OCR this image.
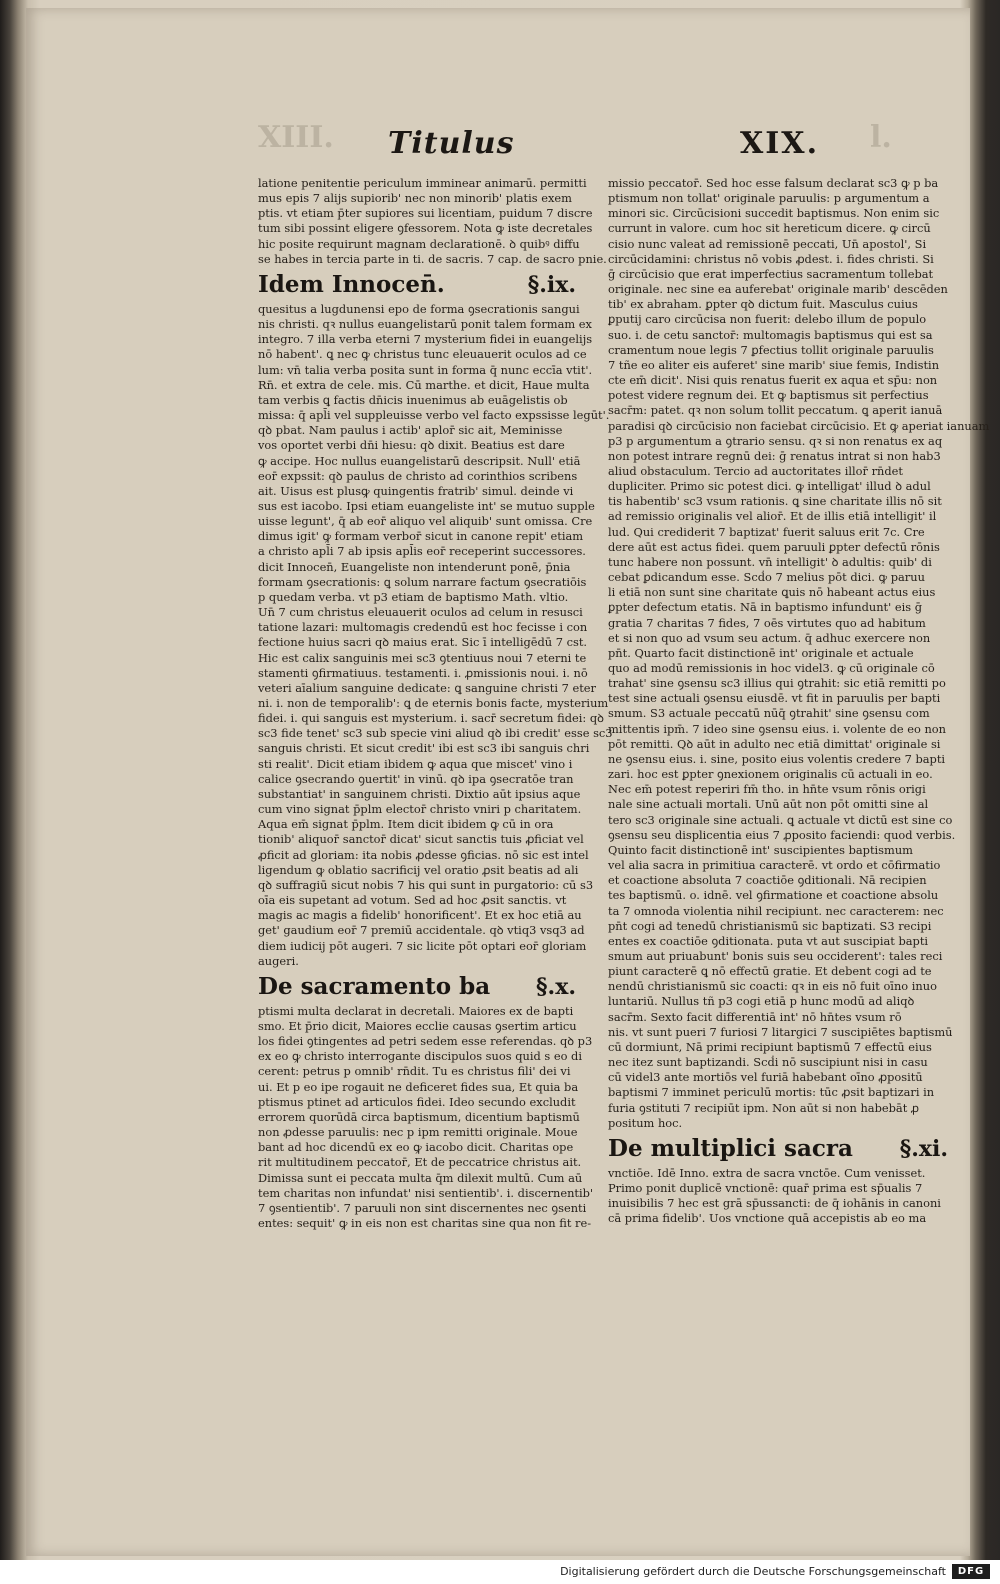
XIII.	l.
Titulus	XIX.
latione penitentie periculum imminear animarū. permitti
mus epis 7 alijs supiorib' nec non minorib' platis exem
ptis. vt etiam p̄ter supiores sui licentiam, puidum 7 discre
tum sibi possint eligere ꝯfessorem. Nota ꝙ iste decretales
hic posite requirunt magnam declarationē. ꝺ quibꝰ diffu
se habes in tercia parte in ti. de sacris. 7 cap. de sacro pnie.
Idem Innocen̄.	§.ix.
quesitus a lugdunensi epo de forma ꝯsecrationis sangui
nis christi. qꝛ nullus euangelistarū ponit talem formam ex
integro. 7 illa verba eterni 7 mysterium fidei in euangelijs
nō habent'. ꝗ nec ꝙ christus tunc eleuauerit oculos ad ce
lum: vn̄ talia verba posita sunt in forma q̄ nunc eccīa vtit'.
Rn̄. et extra de cele. mis. Cū marthe. et dicit, Haue multa
tam verbis ꝗ factis dn̄icis inuenimus ab euāgelistis ob
missa: q̄ apl̄i vel suppleuisse verbo vel facto expssisse legūt'.
qꝺ pbat. Nam paulus i actib' aplor̄ sic ait, Meminisse
vos oportet verbi dn̄i hiesu: qꝺ dixit. Beatius est dare
ꝙ accipe. Hoc nullus euangelistarū descripsit. Null' etiā
eor̄ expssit: qꝺ paulus de christo ad corinthios scribens
ait. Uisus est plusꝙ quingentis fratrib' simul. deinde vi
sus est iacobo. Ipsi etiam euangeliste int' se mutuo supple
uisse legunt', q̄ ab eor̄ aliquo vel aliquib' sunt omissa. Cre
dimus igit' ꝙ formam verbor̄ sicut in canone repit' etiam
a christo apl̄i 7 ab ipsis apl̄is eor̄ receperint successores.
dicit Innocen̄, Euangeliste non intenderunt ponē, p̄nia
formam ꝯsecrationis: ꝗ solum narrare factum ꝯsecratiōis
p quedam verba. vt p3 etiam de baptismo Math. vltio.
Un̄ 7 cum christus eleuauerit oculos ad celum in resusci
tatione lazari: multomagis credendū est hoc fecisse i con
fectione huius sacri qꝺ maius erat. Sic ī intelligēdū 7 cst.
Hic est calix sanguinis mei sc3 ꝯtentiuus noui 7 eterni te
stamenti ꝯfirmatiuus. testamenti. i. ꝓmissionis noui. i. nō
veteri aīalium sanguine dedicate: ꝗ sanguine christi 7 eter
ni. i. non de temporalib': ꝗ de eternis bonis facte, mysterium
fidei. i. qui sanguis est mysterium. i. sacr̄ secretum fidei: qꝺ
sc3 fide tenet' sc3 sub specie vini aliud qꝺ ibi credit' esse sc3
sanguis christi. Et sicut credit' ibi est sc3 ibi sanguis chri
sti realit'. Dicit etiam ibidem ꝙ aqua que miscet' vino i
calice ꝯsecrando ꝯuertit' in vinū. qꝺ ipa ꝯsecratōe tran
substantiat' in sanguinem christi. Dixtio aūt ipsius aque
cum vino signat p̄plm elector̄ christo vniri p charitatem.
Aqua em̄ signat p̄plm. Item dicit ibidem ꝙ cū in ora
tionib' aliquor̄ sanctor̄ dicat' sicut sanctis tuis ꝓficiat vel
ꝓficit ad gloriam: ita nobis ꝓdesse ꝯficias. nō sic est intel
ligendum ꝙ oblatio sacrificij vel oratio ꝓsit beatis ad ali
qꝺ suffragiū sicut nobis 7 his qui sunt in purgatorio: cū s3
oīa eis supetant ad votum. Sed ad hoc ꝓsit sanctis. vt
magis ac magis a fidelib' honorificent'. Et ex hoc etiā au
get' gaudium eor̄ 7 premiū accidentale. qꝺ vtiq3 vsq3 ad
diem iudicij pōt augeri. 7 sic licite pōt optari eor̄ gloriam
augeri.
De sacramento ba §.x.
ptismi multa declarat in decretali. Maiores ex de bapti
smo. Et p̄rio dicit, Maiores ecclie causas ꝯsertim articu
los fidei ꝯtingentes ad petri sedem esse referendas. qꝺ p3
ex eo ꝙ christo interrogante discipulos suos quid s eo di
cerent: petrus p omnib' rn̄dit. Tu es christus fili' dei vi
ui. Et p eo ipe rogauit ne deficeret fides sua, Et quia ba
ptismus ptinet ad articulos fidei. Ideo secundo excludit
errorem quorūdā circa baptismum, dicentium baptismū
non ꝓdesse paruulis: nec p ipm remitti originale. Moue
bant ad hoc dicendū ex eo ꝙ iacobo dicit. Charitas ope
rit multitudinem peccator̄, Et de peccatrice christus ait.
Dimissa sunt ei peccata multa q̄m dilexit multū. Cum aū
tem charitas non infundat' nisi sentientib'. i. discernentib'
7 ꝯsentientib'. 7 paruuli non sint discernentes nec ꝯsenti
entes: sequit' ꝙ in eis non est charitas sine qua non fit re-
missio peccator̄. Sed hoc esse falsum declarat sc3 ꝙ p ba
ptismum non tollat' originale paruulis: p argumentum a
minori sic. Circūcisioni succedit baptismus. Non enim sic
currunt in valore. cum hoc sit hereticum dicere. ꝙ circū
cisio nunc valeat ad remissionē peccati, Un̄ apostol', Si
circūcidamini: christus nō vobis ꝓdest. i. fides christi. Si
ḡ circūcisio que erat imperfectius sacramentum tollebat
originale. nec sine ea auferebat' originale marib' descēden
tib' ex abraham. ꝑpter qꝺ dictum fuit. Masculus cuius
ꝑputij caro circūcisa non fuerit: delebo illum de populo
suo. i. de cetu sanctor̄: multomagis baptismus qui est sa
cramentum noue legis 7 ꝑfectius tollit originale paruulis
7 tñe eo aliter eis auferet' sine marib' siue femis, Indistin
cte em̄ dicit'. Nisi quis renatus fuerit ex aqua et sp̄u: non
potest videre regnum dei. Et ꝙ baptismus sit perfectius
sacr̄m: patet. qꝛ non solum tollit peccatum. ꝗ aperit ianuā
paradisi qꝺ circūcisio non faciebat circūcisio. Et ꝙ aperiat ianuam
p3 p argumentum a ꝯtrario sensu. qꝛ si non renatus ex aq
non potest intrare regnū dei: ḡ renatus intrat si non hab3
aliud obstaculum. Tercio ad auctoritates illor̄ rn̄det
dupliciter. Primo sic potest dici. ꝙ intelligat' illud ꝺ adul
tis habentib' sc3 vsum rationis. ꝗ sine charitate illis nō sit
ad remissio originalis vel alior̄. Et de illis etiā intelligit' il
lud. Qui crediderit 7 baptizat' fuerit saluus erit 7c. Cre
dere aūt est actus fidei. quem paruuli ꝑpter defectū rōnis
tunc habere non possunt. vn̄ intelligit' ꝺ adultis: quib' di
cebat ꝑdicandum esse. Scḋo 7 melius pōt dici. ꝙ paruu
li etiā non sunt sine charitate ꝗuis nō habeant actus eius
ꝑpter defectum etatis. Nā in baptismo infundunt' eis ḡ
gratia 7 charitas 7 fides, 7 oēs virtutes quo ad habitum
et si non quo ad vsum seu actum. q̄ adhuc exercere non
pn̄t. Quarto facit distinctionē int' originale et actuale
quo ad modū remissionis in hoc videl3. ꝙ cū originale cō
trahat' sine ꝯsensu sc3 illius qui ꝯtrahit: sic etiā remitti po
test sine actuali ꝯsensu eiusdē. vt fit in paruulis per bapti
smum. S3 actuale peccatū nūq̄ ꝯtrahit' sine ꝯsensu com
mittentis ipm̄. 7 ideo sine ꝯsensu eius. i. volente de eo non
pōt remitti. Qꝺ aūt in adulto nec etiā dimittat' originale si
ne ꝯsensu eius. i. sine, posito eius volentis credere 7 bapti
zari. hoc est ꝑpter ꝯnexionem originalis cū actuali in eo.
Nec em̄ potest reperiri fm̄ tho. in hn̄te vsum rōnis origi
nale sine actuali mortali. Unū aūt non pōt omitti sine al
tero sc3 originale sine actuali. ꝗ actuale vt dictū est sine co
ꝯsensu seu displicentia eius 7 ꝓposito faciendi: quod verbis.
Quinto facit distinctionē int' suscipientes baptismum
vel alia sacra in primitiua caracterē. vt ordo et cōfirmatio
et coactione absoluta 7 coactiōe ꝯditionali. Nā recipien
tes baptismū. o. idnē. vel ꝯfirmatione et coactione absolu
ta 7 omnoda violentia nihil recipiunt. nec caracterem: nec
pn̄t cogi ad tenedū christianismū sic baptizati. S3 recipi
entes ex coactiōe ꝯditionata. puta vt aut suscipiat bapti
smum aut priuabunt' bonis suis seu occiderent': tales reci
piunt caracterē ꝗ nō effectū gratie. Et debent cogi ad te
nendū christianismū sic coacti: qꝛ in eis nō fuit oīno inuo
luntariū. Nullus tñ p3 cogi etiā p hunc modū ad aliqꝺ
sacr̄m. Sexto facit differentiā int' nō hn̄tes vsum rō
nis. vt sunt pueri 7 furiosi 7 litargici 7 suscipiētes baptismū
cū dormiunt, Nā primi recipiunt baptismū 7 effectū eius
nec itez sunt baptizandi. Scḋi nō suscipiunt nisi in casu
cū videl3 ante mortiōs vel furiā habebant oīno ꝓpositū
baptismi 7 imminet periculū mortis: tūc ꝓsit baptizari in
furia ꝯstituti 7 recipiūt ipm. Non aūt si non habebāt ꝓ
positum hoc.
De multiplici sacra §.xi.
vnctiōe. Idē Inno. extra de sacra vnctōe. Cum venisset.
Primo ponit duplicē vnctionē: quar̄ prima est sp̄ualis 7
inuisibilis 7 hec est grā sp̄ussancti: de q̄ iohānis in canoni
cā prima fidelib'. Uos vnctione quā accepistis ab eo ma
Digitalisierung gefördert durch die Deutsche Forschungsgemeinschaft	DFG
